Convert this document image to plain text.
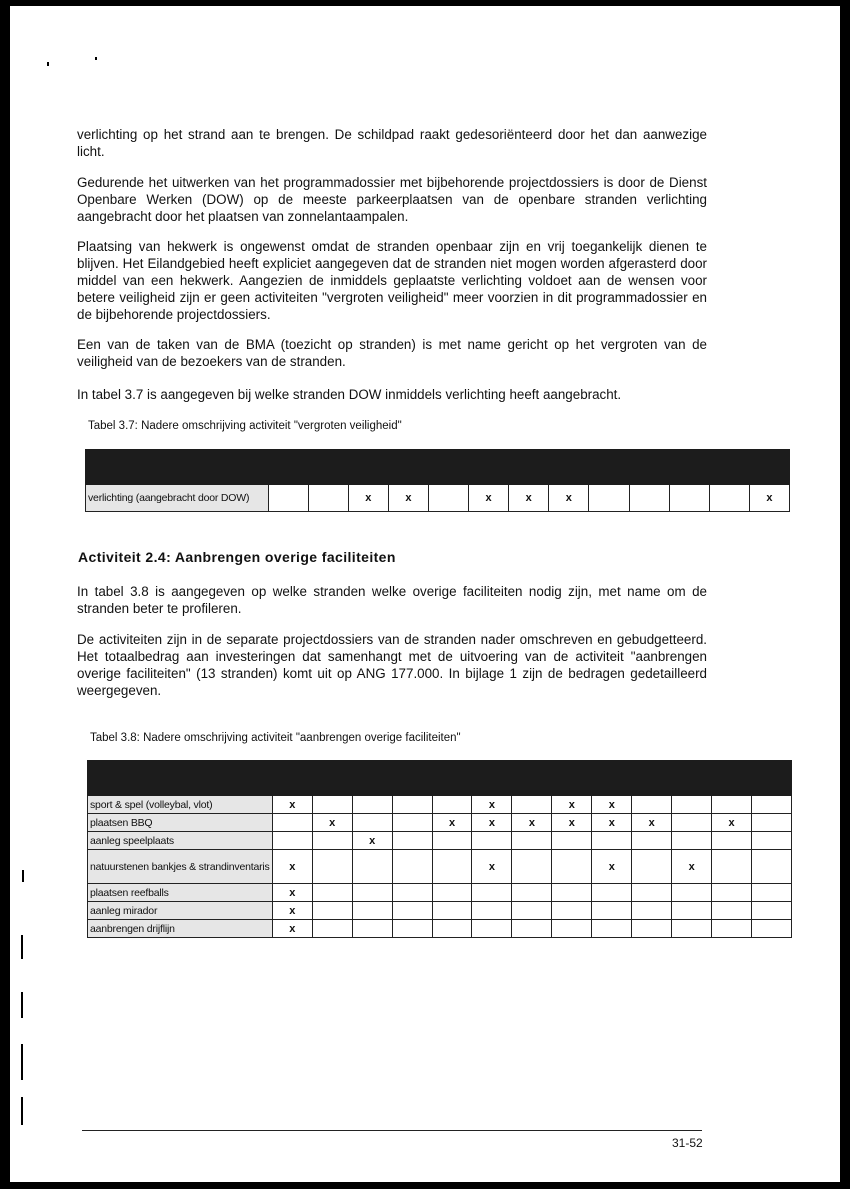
verlichting op het strand aan te brengen. De schildpad raakt gedesoriënteerd door het dan aanwezige licht.
Gedurende het uitwerken van het programmadossier met bijbehorende projectdossiers is door de Dienst Openbare Werken (DOW) op de meeste parkeerplaatsen van de openbare stranden verlichting aangebracht door het plaatsen van zonnelantaampalen.
Plaatsing van hekwerk is ongewenst omdat de stranden openbaar zijn en vrij toegankelijk dienen te blijven. Het Eilandgebied heeft expliciet aangegeven dat de stranden niet mogen worden afgerasterd door middel van een hekwerk. Aangezien de inmiddels geplaatste verlichting voldoet aan de wensen voor betere veiligheid zijn er geen activiteiten "vergroten veiligheid" meer voorzien in dit programmadossier en de bijbehorende projectdossiers.
Een van de taken van de BMA (toezicht op stranden) is met name gericht op het vergroten van de veiligheid van de bezoekers van de stranden.
In tabel 3.7 is aangegeven bij welke stranden DOW inmiddels verlichting heeft aangebracht.
Tabel 3.7: Nadere omschrijving activiteit "vergroten veiligheid"

verlichting (aangebracht door DOW)			x	x		x	x	x					x
Activiteit 2.4: Aanbrengen overige faciliteiten
In tabel 3.8 is aangegeven op welke stranden welke overige faciliteiten nodig zijn, met name om de stranden beter te profileren.
De activiteiten zijn in de separate projectdossiers van de stranden nader omschreven en gebudgetteerd. Het totaalbedrag aan investeringen dat samenhangt met de uitvoering van de activiteit "aanbrengen overige faciliteiten" (13 stranden) komt uit op ANG 177.000. In bijlage 1 zijn de bedragen gedetailleerd weergegeven.
Tabel 3.8: Nadere omschrijving activiteit "aanbrengen overige faciliteiten"

sport & spel (volleybal, vlot)	x					x		x	x				
plaatsen BBQ		x			x	x	x	x	x	x		x	
aanleg speelplaats			x										
natuurstenen bankjes & strandinventaris	x					x			x		x		
plaatsen reefballs	x												
aanleg mirador	x												
aanbrengen drijflijn	x												
31-52
